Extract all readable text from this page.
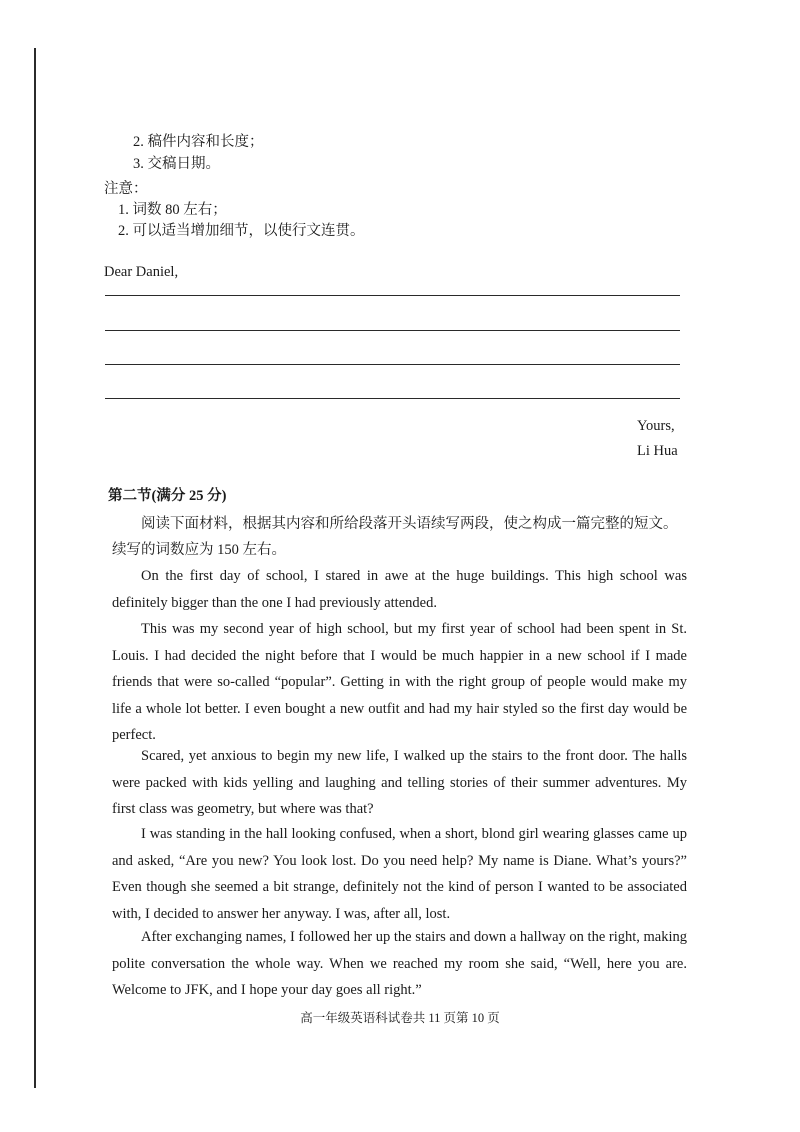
2. 稿件内容和长度；
3. 交稿日期。
注意：
1. 词数 80 左右；
2. 可以适当增加细节，以使行文连贯。
Dear Daniel,
Yours,
Li Hua
第二节(满分 25 分)
阅读下面材料，根据其内容和所给段落开头语续写两段，使之构成一篇完整的短文。
续写的词数应为 150 左右。
On the first day of school, I stared in awe at the huge buildings. This high school was definitely bigger than the one I had previously attended.
This was my second year of high school, but my first year of school had been spent in St. Louis. I had decided the night before that I would be much happier in a new school if I made friends that were so-called “popular”. Getting in with the right group of people would make my life a whole lot better. I even bought a new outfit and had my hair styled so the first day would be perfect.
Scared, yet anxious to begin my new life, I walked up the stairs to the front door. The halls were packed with kids yelling and laughing and telling stories of their summer adventures. My first class was geometry, but where was that?
I was standing in the hall looking confused, when a short, blond girl wearing glasses came up and asked, “Are you new? You look lost. Do you need help? My name is Diane. What’s yours?” Even though she seemed a bit strange, definitely not the kind of person I wanted to be associated with, I decided to answer her anyway. I was, after all, lost.
After exchanging names, I followed her up the stairs and down a hallway on the right, making polite conversation the whole way. When we reached my room she said, “Well, here you are. Welcome to JFK, and I hope your day goes all right.”
高一年级英语科试卷共 11 页第 10 页
